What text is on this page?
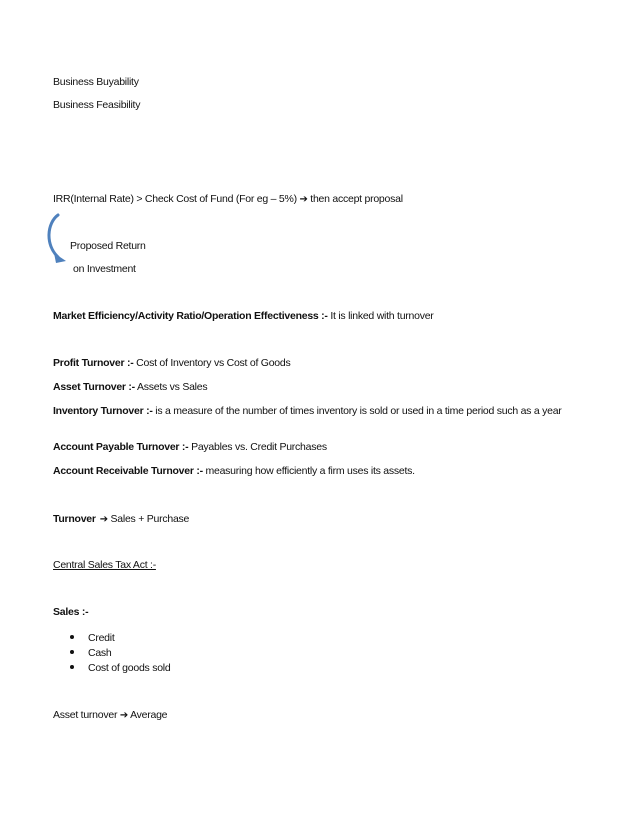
Business Buyability
Business Feasibility
IRR(Internal Rate) > Check Cost of Fund (For eg – 5%) ➔ then accept proposal
Proposed Return
on Investment
Market Efficiency/Activity Ratio/Operation Effectiveness :- It is linked with turnover
Profit Turnover :- Cost of Inventory vs Cost of Goods
Asset Turnover :- Assets vs Sales
Inventory Turnover :- is a measure of the number of times inventory is sold or used in a time period such as a year
Account Payable Turnover :- Payables vs. Credit Purchases
Account Receivable Turnover :- measuring how efficiently a firm uses its assets.
Turnover ➔ Sales + Purchase
Central Sales Tax Act :-
Sales :-
Credit
Cash
Cost of goods sold
Asset turnover ➔ Average
